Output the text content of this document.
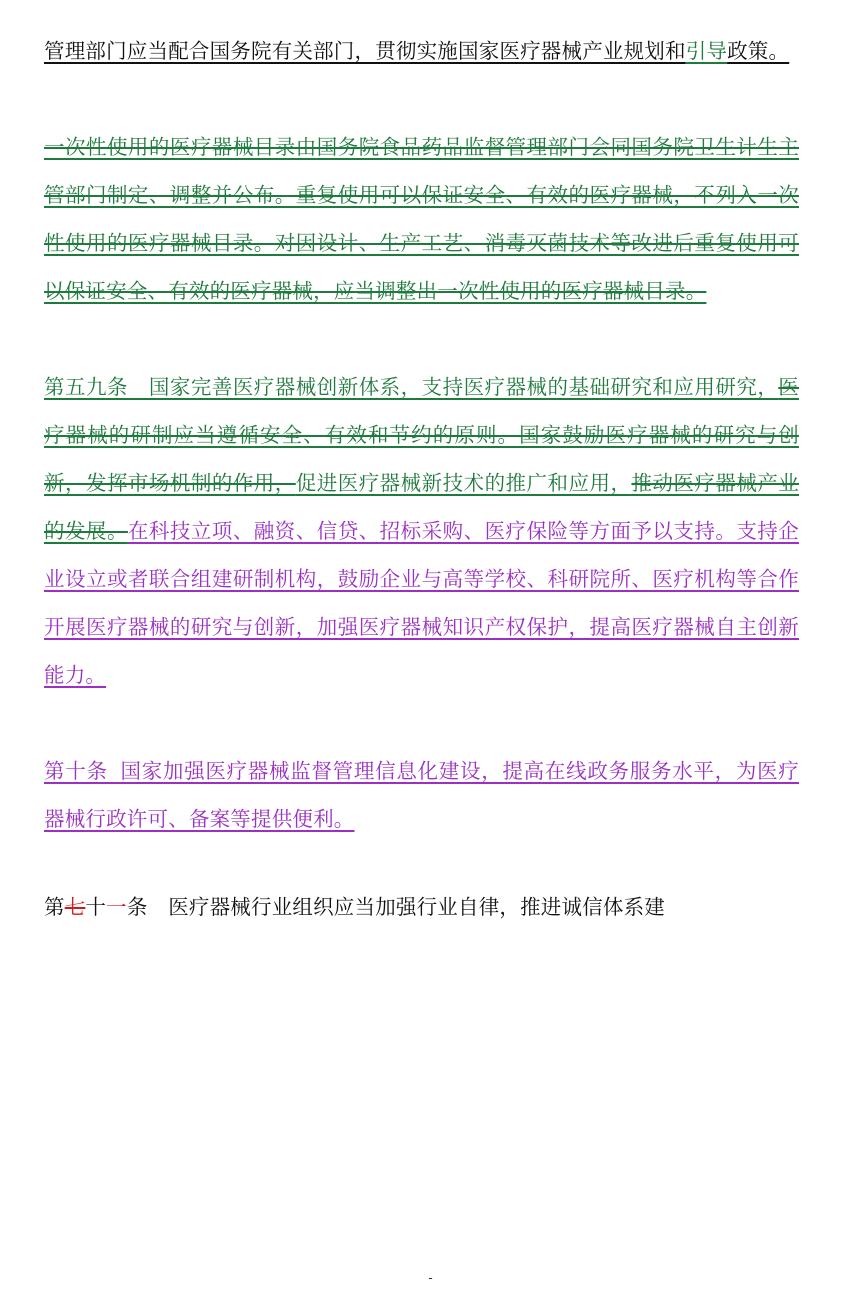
管理部门应当配合国务院有关部门，贯彻实施国家医疗器械产业规划和引导政策。

一次性使用的医疗器械目录由国务院食品药品监督管理部门会同国务院卫生计生主管部门制定、调整并公布。重复使用可以保证安全、有效的医疗器械，不列入一次性使用的医疗器械目录。对因设计、生产工艺、消毒灭菌技术等改进后重复使用可以保证安全、有效的医疗器械，应当调整出一次性使用的医疗器械目录。

第五九条　国家完善医疗器械创新体系，支持医疗器械的基础研究和应用研究，医疗器械的研制应当遵循安全、有效和节约的原则。国家鼓励医疗器械的研究与创新，发挥市场机制的作用，促进医疗器械新技术的推广和应用，推动医疗器械产业的发展。在科技立项、融资、信贷、招标采购、医疗保险等方面予以支持。支持企业设立或者联合组建研制机构，鼓励企业与高等学校、科研院所、医疗机构等合作开展医疗器械的研究与创新，加强医疗器械知识产权保护，提高医疗器械自主创新能力。

第十条  国家加强医疗器械监督管理信息化建设，提高在线政务服务水平，为医疗器械行政许可、备案等提供便利。

第七十一条　医疗器械行业组织应当加强行业自律，推进诚信体系建

-
